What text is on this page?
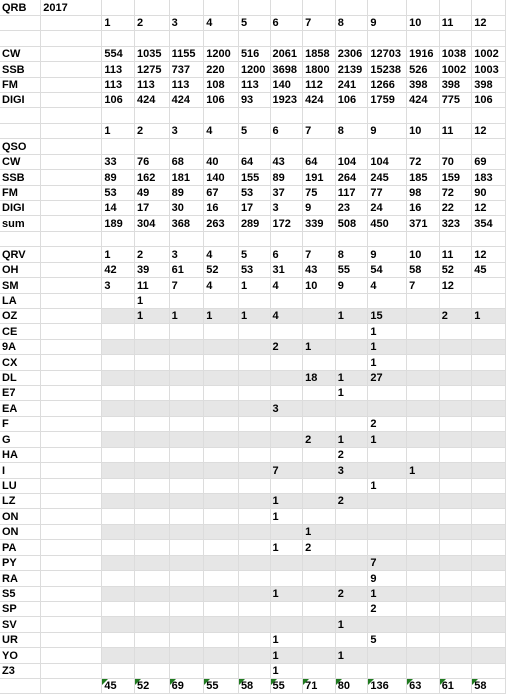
QRB	2017												
		1	2	3	4	5	6	7	8	9	10	11	12

CW		554	1035	1155	1200	516	2061	1858	2306	12703	1916	1038	1002
SSB		113	1275	737	220	1200	3698	1800	2139	15238	526	1002	1003
FM		113	113	113	108	113	140	112	241	1266	398	398	398
DIGI		106	424	424	106	93	1923	424	106	1759	424	775	106

		1	2	3	4	5	6	7	8	9	10	11	12
QSO													
CW		33	76	68	40	64	43	64	104	104	72	70	69
SSB		89	162	181	140	155	89	191	264	245	185	159	183
FM		53	49	89	67	53	37	75	117	77	98	72	90
DIGI		14	17	30	16	17	3	9	23	24	16	22	12
sum		189	304	368	263	289	172	339	508	450	371	323	354

QRV		1	2	3	4	5	6	7	8	9	10	11	12
OH		42	39	61	52	53	31	43	55	54	58	52	45
SM		3	11	7	4	1	4	10	9	4	7	12	
LA			1										
OZ			1	1	1	1	4		1	15		2	1
CE										1			
9A							2	1		1			
CX										1			
DL								18	1	27			
E7									1				
EA							3						
F										2			
G								2	1	1			
HA									2				
I							7		3		1		
LU										1			
LZ							1		2				
ON							1						
ON								1					
PA							1	2					
PY										7			
RA										9			
S5							1		2	1			
SP										2			
SV									1				
UR							1			5			
YO							1		1				
Z3							1						
		45	52	69	55	58	55	71	80	136	63	61	58
